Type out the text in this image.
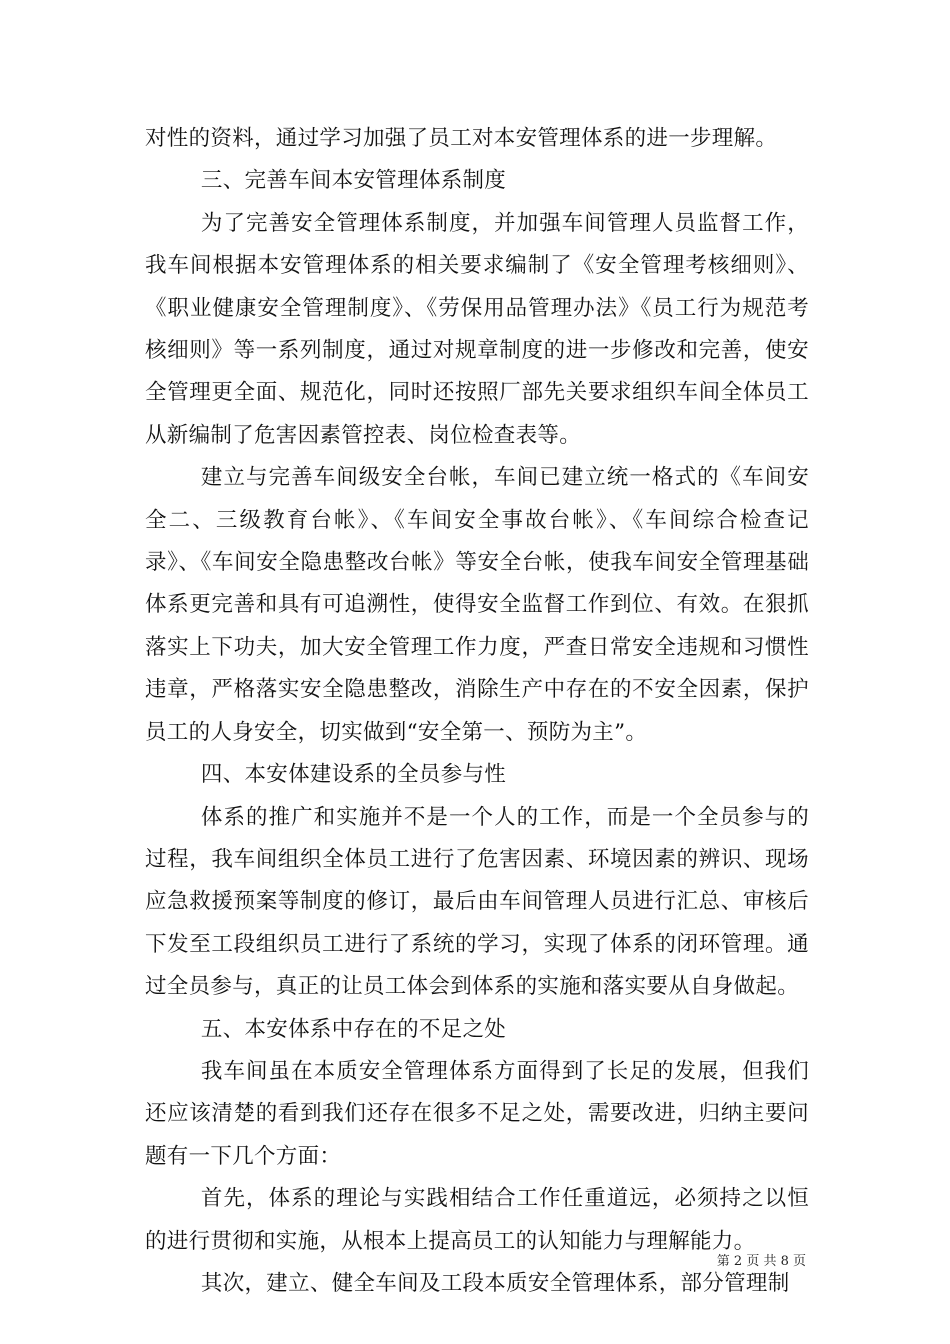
对性的资料，通过学习加强了员工对本安管理体系的进一步理解。

三、完善车间本安管理体系制度

为了完善安全管理体系制度，并加强车间管理人员监督工作，我车间根据本安管理体系的相关要求编制了《安全管理考核细则》、《职业健康安全管理制度》、《劳保用品管理办法》《员工行为规范考核细则》等一系列制度，通过对规章制度的进一步修改和完善，使安全管理更全面、规范化，同时还按照厂部先关要求组织车间全体员工从新编制了危害因素管控表、岗位检查表等。

建立与完善车间级安全台帐，车间已建立统一格式的《车间安全二、三级教育台帐》、《车间安全事故台帐》、《车间综合检查记录》、《车间安全隐患整改台帐》等安全台帐，使我车间安全管理基础体系更完善和具有可追溯性，使得安全监督工作到位、有效。在狠抓落实上下功夫，加大安全管理工作力度，严查日常安全违规和习惯性违章，严格落实安全隐患整改，消除生产中存在的不安全因素，保护员工的人身安全，切实做到“安全第一、预防为主”。

四、本安体建设系的全员参与性

体系的推广和实施并不是一个人的工作，而是一个全员参与的过程，我车间组织全体员工进行了危害因素、环境因素的辨识、现场应急救援预案等制度的修订，最后由车间管理人员进行汇总、审核后下发至工段组织员工进行了系统的学习，实现了体系的闭环管理。通过全员参与，真正的让员工体会到体系的实施和落实要从自身做起。

五、本安体系中存在的不足之处

我车间虽在本质安全管理体系方面得到了长足的发展，但我们还应该清楚的看到我们还存在很多不足之处，需要改进，归纳主要问题有一下几个方面：

首先，体系的理论与实践相结合工作任重道远，必须持之以恒的进行贯彻和实施，从根本上提高员工的认知能力与理解能力。

其次，建立、健全车间及工段本质安全管理体系，部分管理制

第 2 页 共 8 页
